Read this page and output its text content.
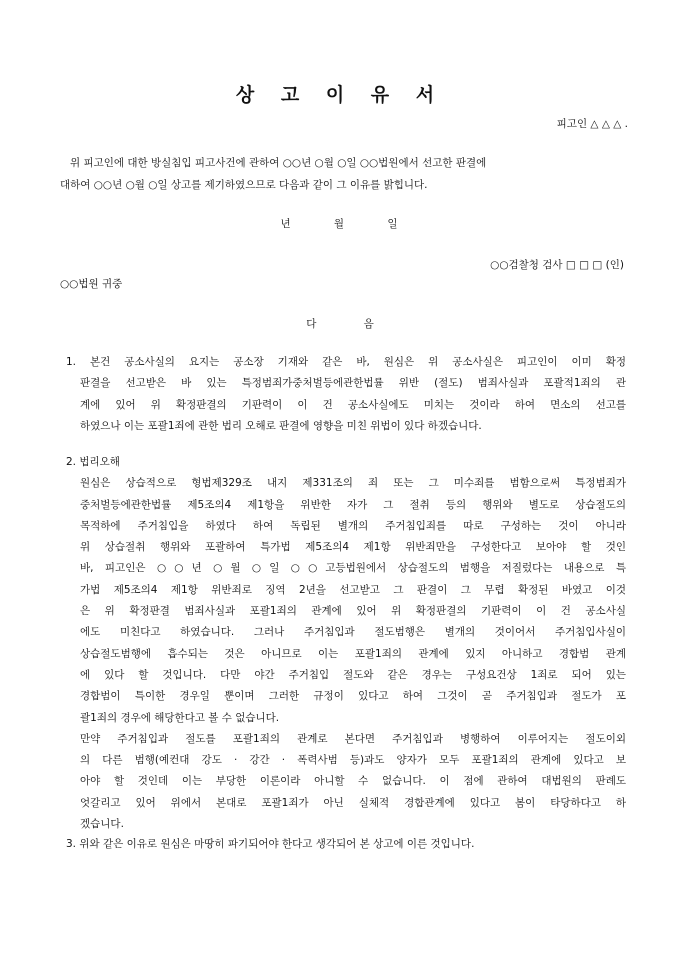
상 고 이 유 서
피고인 △ △ △ .
위 피고인에 대한 방실침입 피고사건에 관하여 ○○년 ○월 ○일 ○○법원에서 선고한 판결에
대하여 ○○년 ○월 ○일 상고를 제기하였으므로 다음과 같이 그 이유를 밝힙니다.
년 월 일
○○검찰청 검사 □ □ □ (인)
○○법원 귀중
다 음
1. 본건 공소사실의 요지는 공소장 기재와 같은 바, 원심은 위 공소사실은 피고인이 이미 확정
판결을 선고받은 바 있는 특정범죄가중처벌등에관한법률 위반 (절도) 범죄사실과 포괄적1죄의 관
계에 있어 위 확정판결의 기판력이 이 건 공소사실에도 미치는 것이라 하여 면소의 선고를
하였으나 이는 포괄1죄에 관한 법리 오해로 판결에 영향을 미친 위법이 있다 하겠습니다.
2. 법리오해
원심은 상습적으로 형법제329조 내지 제331조의 죄 또는 그 미수죄를 범함으로써 특정범죄가
중처벌등에관한법률 제5조의4 제1항을 위반한 자가 그 절취 등의 행위와 별도로 상습절도의
목적하에 주거침입을 하였다 하여 독립된 별개의 주거침입죄를 따로 구성하는 것이 아니라
위 상습절취 행위와 포괄하여 특가법 제5조의4 제1항 위반죄만을 구성한다고 보아야 할 것인
바, 피고인은 ○○년 ○월 ○일 ○○고등법원에서 상습절도의 범행을 저질렀다는 내용으로 특
가법 제5조의4 제1항 위반죄로 징역 2년을 선고받고 그 판결이 그 무렵 확정된 바였고 이것
은 위 확정판결 범죄사실과 포괄1죄의 관계에 있어 위 확정판결의 기판력이 이 건 공소사실
에도 미친다고 하였습니다. 그러나 주거침입과 절도범행은 별개의 것이어서 주거침입사실이
상습절도범행에 흡수되는 것은 아니므로 이는 포괄1죄의 관계에 있지 아니하고 경합범 관계
에 있다 할 것입니다. 다만 야간 주거침입 절도와 같은 경우는 구성요건상 1죄로 되어 있는
경합범이 특이한 경우일 뿐이며 그러한 규정이 있다고 하여 그것이 곧 주거침입과 절도가 포
괄1죄의 경우에 해당한다고 볼 수 없습니다.
만약 주거침입과 절도를 포괄1죄의 관계로 본다면 주거침입과 병행하여 이루어지는 절도이외
의 다른 범행(예컨대 강도 · 강간 · 폭력사범 등)과도 양자가 모두 포괄1죄의 관계에 있다고 보
아야 할 것인데 이는 부당한 이론이라 아니할 수 없습니다. 이 점에 관하여 대법원의 판례도
엇갈리고 있어 위에서 본대로 포괄1죄가 아닌 실체적 경합관계에 있다고 봄이 타당하다고 하
겠습니다.
3. 위와 같은 이유로 원심은 마땅히 파기되어야 한다고 생각되어 본 상고에 이른 것입니다.
